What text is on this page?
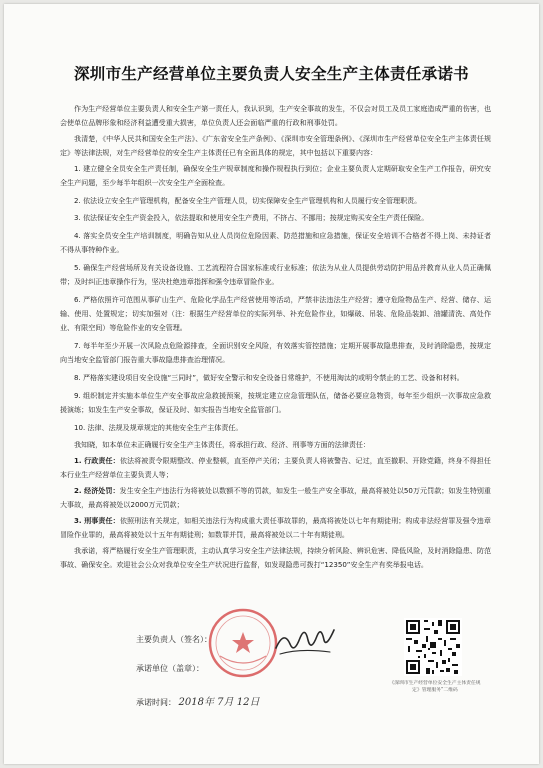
深圳市生产经营单位主要负责人安全生产主体责任承诺书

作为生产经营单位主要负责人和安全生产第一责任人，我认识到，生产安全事故的发生，不仅会对员工及员工家庭造成严重的伤害，也会使单位品牌形象和经济利益遭受重大损害，单位负责人还会面临严重的行政和刑事处罚。

我清楚，《中华人民共和国安全生产法》、《广东省安全生产条例》、《深圳市安全管理条例》、《深圳市生产经营单位安全生产主体责任规定》等法律法规，对生产经营单位的安全生产主体责任已有全面具体的规定，其中包括以下重要内容：

1. 建立健全全员安全生产责任制，确保安全生产规章制度和操作规程执行到位；企业主要负责人定期研取安全生产工作报告，研究安全生产问题，至少每半年组织一次安全生产全面检查。

2. 依法设立安全生产管理机构，配备安全生产管理人员，切实保障安全生产管理机构和人员履行安全管理职责。

3. 依法保证安全生产资金投入，依法提取和使用安全生产费用，不挤占、不挪用；按规定购买安全生产责任保险。

4. 落实全员安全生产培训制度，明确告知从业人员岗位危险因素、防范措施和应急措施，保证安全培训不合格者不得上岗、未持证者不得从事特种作业。

5. 确保生产经营场所及有关设备设施、工艺流程符合国家标准或行业标准；依法为从业人员提供劳动防护用品并教育从业人员正确佩带；及时纠正违章操作行为，坚决杜绝违章指挥和强令违章冒险作业。

6. 严格依照许可范围从事矿山生产、危险化学品生产经营使用等活动，严禁非法违法生产经营；遵守危险物品生产、经营、储存、运输、使用、处置规定；切实加强对（注：根据生产经营单位的实际列举、补充危险作业，如爆破、吊装、危险品装卸、油罐清洗、高处作业、有限空间）等危险作业的安全管理。

7. 每半年至少开展一次风险点危险源排查，全面识别安全风险，有效落实管控措施；定期开展事故隐患排查，及时消除隐患，按规定向当地安全监管部门报告重大事故隐患排查治理情况。

8. 严格落实建设项目安全设施“三同时”，做好安全警示和安全设备日常维护，不使用淘汰的或明令禁止的工艺、设备和材料。

9. 组织制定并实施本单位生产安全事故应急救援预案，按规定建立应急管理队伍，储备必要应急物资，每年至少组织一次事故应急救援演练；如发生生产安全事故，保证及时、如实报告当地安全监管部门。

10. 法律、法规及规章规定的其他安全生产主体责任。

我知晓，如本单位未正确履行安全生产主体责任，将承担行政、经济、刑事等方面的法律责任：

1. 行政责任：依法将被责令限期整改、停业整顿，直至停产关闭；主要负责人将被警告、记过，直至撤职、开除党籍，终身不得担任本行业生产经营单位主要负责人等；

2. 经济处罚：发生安全生产违法行为将被处以数额不等的罚款，如发生一般生产安全事故，最高将被处以50万元罚款；如发生特别重大事故，最高将被处以2000万元罚款；

3. 刑事责任：依照刑法有关规定，如相关违法行为构成重大责任事故罪的，最高将被处以七年有期徒刑；构成非法经营罪及强令违章冒险作业罪的，最高将被处以十五年有期徒刑；如数罪并罚，最高将被处以二十年有期徒刑。

我承诺，将严格履行安全生产管理职责，主动认真学习安全生产法律法规，持续分析风险、辨识危害、降低风险，及时消除隐患、防范事故、确保安全。欢迎社会公众对我单位安全生产状况进行监督，如发现隐患可拨打“12350”安全生产有奖举报电话。

主要负责人（签名）：
承诺单位（盖章）：
承诺时间： 2018年 7月 12日
《深圳市生产经营单位安全生产主体责任规定》管理服务”二维码
